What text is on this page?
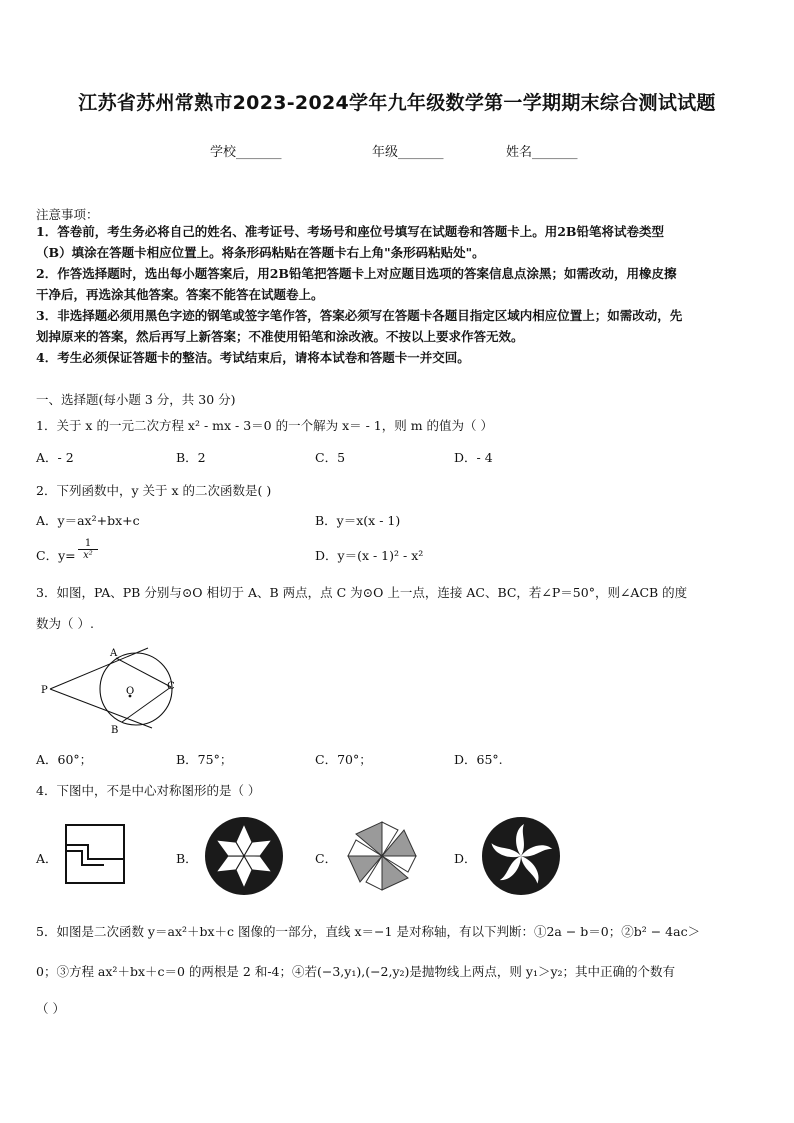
江苏省苏州常熟市2023-2024学年九年级数学第一学期期末综合测试试题
学校_______	年级_______	姓名_______
注意事项：
1．答卷前，考生务必将自己的姓名、准考证号、考场号和座位号填写在试题卷和答题卡上。用2B铅笔将试卷类型
（B）填涂在答题卡相应位置上。将条形码粘贴在答题卡右上角"条形码粘贴处"。
2．作答选择题时，选出每小题答案后，用2B铅笔把答题卡上对应题目选项的答案信息点涂黑；如需改动，用橡皮擦
干净后，再选涂其他答案。答案不能答在试题卷上。
3．非选择题必须用黑色字迹的钢笔或签字笔作答，答案必须写在答题卡各题目指定区域内相应位置上；如需改动，先
划掉原来的答案，然后再写上新答案；不准使用铅笔和涂改液。不按以上要求作答无效。
4．考生必须保证答题卡的整洁。考试结束后，请将本试卷和答题卡一并交回。
一、选择题(每小题 3 分，共 30 分)
1．关于 x 的一元二次方程 x² - mx - 3＝0 的一个解为 x＝ - 1，则 m 的值为（ ）
A．- 2	B．2	C．5	D．- 4
2．下列函数中，y 关于 x 的二次函数是( )
A．y＝ax²+bx+c	B．y＝x(x - 1)
C．y=
1
x²	D．y＝(x - 1)² - x²
3．如图，PA、PB 分别与⊙O 相切于 A、B 两点，点 C 为⊙O 上一点，连接 AC、BC，若∠P＝50°，则∠ACB 的度
数为（ ）.
A
B
P	O	C
A．60°；	B．75°；	C．70°；	D．65°.
4．下图中，不是中心对称图形的是（ ）
A．	B．	C．	D．
5．如图是二次函数 y＝ax²＋bx＋c 图像的一部分，直线 x＝−1 是对称轴，有以下判断：①2a − b＝0；②b² − 4ac＞
0；③方程 ax²＋bx＋c＝0 的两根是 2 和-4；④若(−3,y₁),(−2,y₂)是抛物线上两点，则 y₁＞y₂；其中正确的个数有
（ ）
